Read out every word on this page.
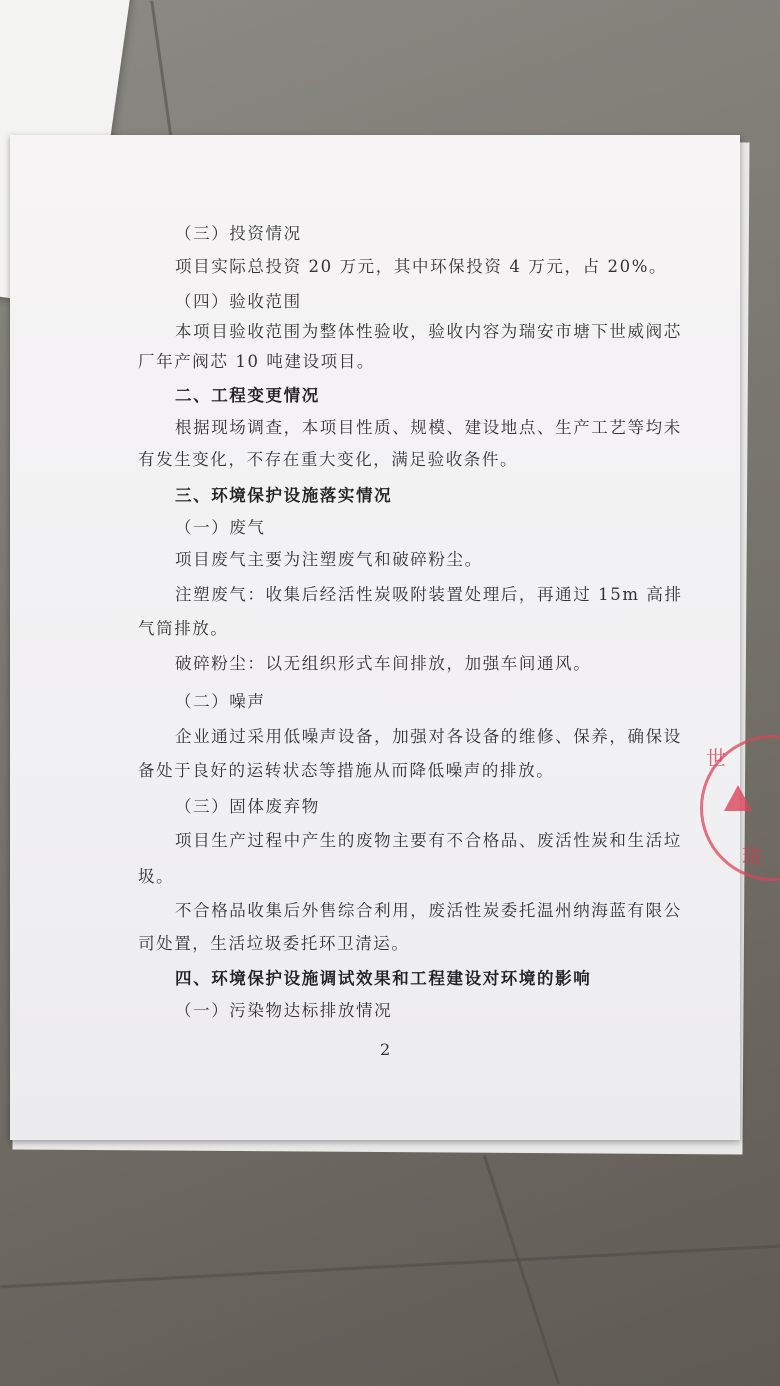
（三）投资情况
项目实际总投资 20 万元，其中环保投资 4 万元，占 20%。
（四）验收范围
本项目验收范围为整体性验收，验收内容为瑞安市塘下世威阀芯
厂年产阀芯 10 吨建设项目。
二、工程变更情况
根据现场调查，本项目性质、规模、建设地点、生产工艺等均未
有发生变化，不存在重大变化，满足验收条件。
三、环境保护设施落实情况
（一）废气
项目废气主要为注塑废气和破碎粉尘。
注塑废气：收集后经活性炭吸附装置处理后，再通过 15m 高排
气筒排放。
破碎粉尘：以无组织形式车间排放，加强车间通风。
（二）噪声
企业通过采用低噪声设备，加强对各设备的维修、保养，确保设
备处于良好的运转状态等措施从而降低噪声的排放。
（三）固体废弃物
项目生产过程中产生的废物主要有不合格品、废活性炭和生活垃
圾。
不合格品收集后外售综合利用，废活性炭委托温州纳海蓝有限公
司处置，生活垃圾委托环卫清运。
四、环境保护设施调试效果和工程建设对环境的影响
（一）污染物达标排放情况
2
世
瑞
